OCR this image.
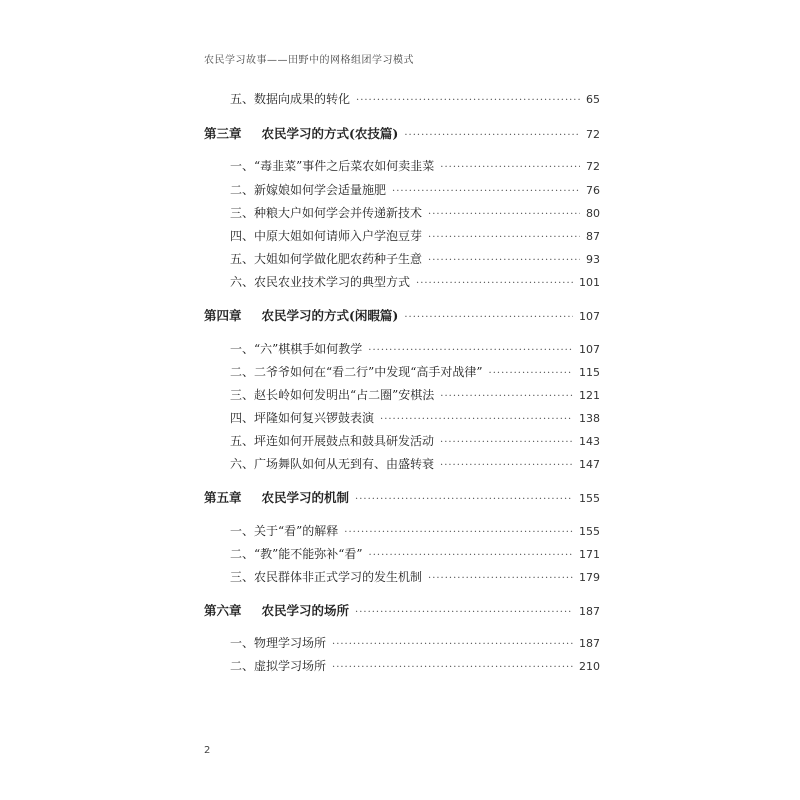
农民学习故事——田野中的网格组团学习模式
五、数据向成果的转化 ·····	65
第三章 农民学习的方式(农技篇) ·····	72
一、“毒韭菜”事件之后菜农如何卖韭菜 ·····	72
二、新嫁娘如何学会适量施肥 ·····	76
三、种粮大户如何学会并传递新技术 ·····	80
四、中原大姐如何请师入户学泡豆芽 ·····	87
五、大姐如何学做化肥农药种子生意 ·····	93
六、农民农业技术学习的典型方式 ·····	101
第四章 农民学习的方式(闲暇篇) ·····	107
一、“六”棋棋手如何教学 ·····	107
二、二爷爷如何在“看二行”中发现“高手对战律” ·····	115
三、赵长岭如何发明出“占二圈”安棋法 ·····	121
四、坪隆如何复兴锣鼓表演 ·····	138
五、坪连如何开展鼓点和鼓具研发活动 ·····	143
六、广场舞队如何从无到有、由盛转衰 ·····	147
第五章 农民学习的机制 ·····	155
一、关于“看”的解释 ·····	155
二、“教”能不能弥补“看” ·····	171
三、农民群体非正式学习的发生机制 ·····	179
第六章 农民学习的场所 ·····	187
一、物理学习场所 ·····	187
二、虚拟学习场所 ·····	210
2
